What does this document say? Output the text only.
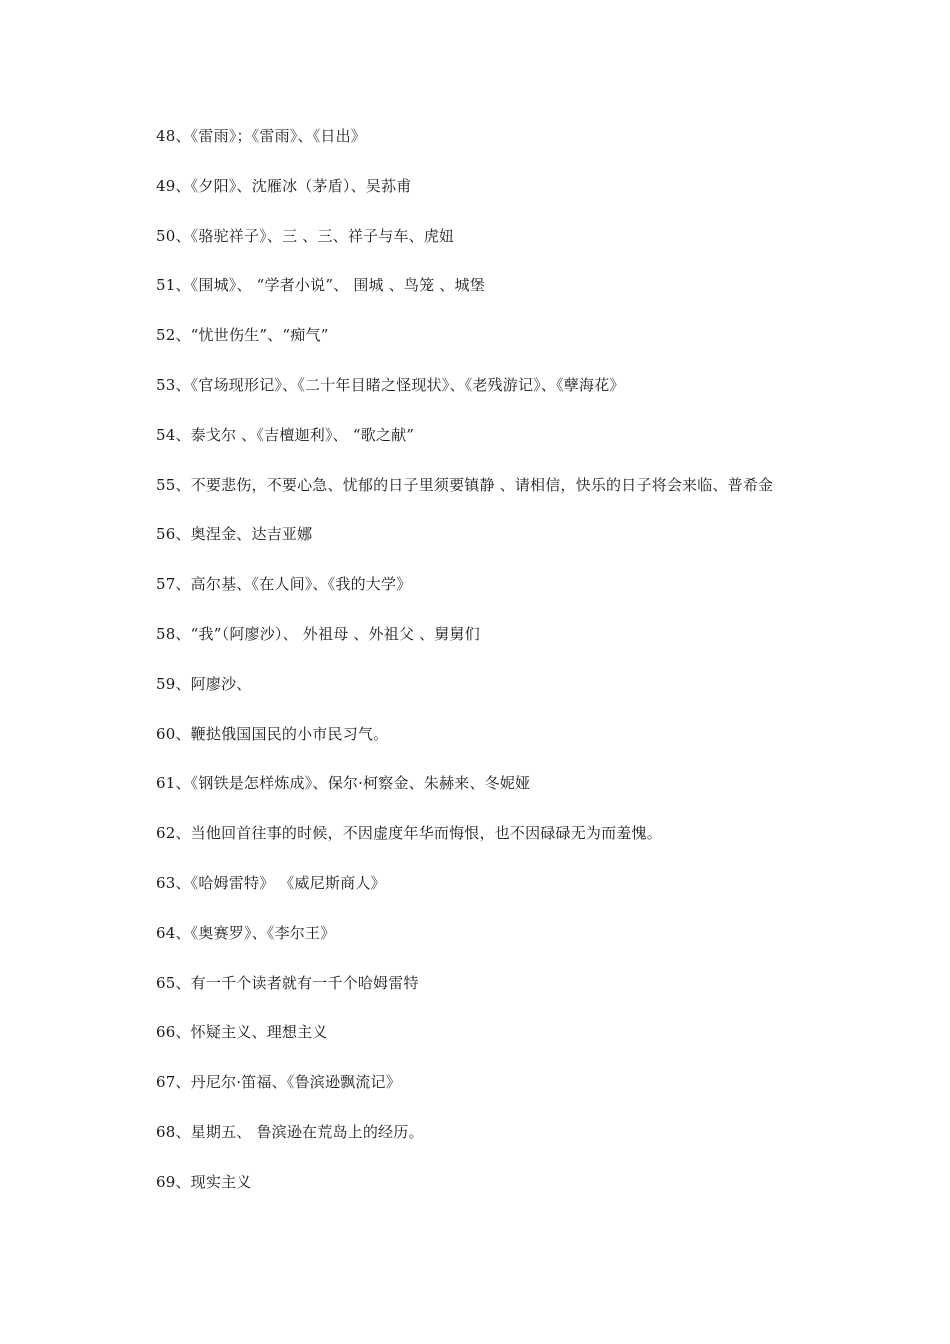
48、《雷雨》；《雷雨》、《日出》
49、《夕阳》、沈雁冰（茅盾）、吴荪甫
50、《骆驼祥子》、三 、三、祥子与车、虎妞
51、《围城》、 “学者小说”、 围城 、鸟笼 、城堡
52、“忧世伤生”、“痴气”
53、《官场现形记》、《二十年目睹之怪现状》、《老残游记》、《孽海花》
54、泰戈尔 、《吉檀迦利》、 “歌之献”
55、不要悲伤，不要心急、忧郁的日子里须要镇静 、请相信，快乐的日子将会来临、普希金
56、奥涅金、达吉亚娜
57、高尔基、《在人间》、《我的大学》
58、“我”（阿廖沙）、 外祖母 、外祖父 、舅舅们
59、阿廖沙、
60、鞭挞俄国国民的小市民习气。
61、《钢铁是怎样炼成》、保尔·柯察金、朱赫来、冬妮娅
62、当他回首往事的时候，不因虚度年华而悔恨，也不因碌碌无为而羞愧。
63、《哈姆雷特》 《威尼斯商人》
64、《奥赛罗》、《李尔王》
65、有一千个读者就有一千个哈姆雷特
66、怀疑主义、理想主义
67、丹尼尔·笛福、《鲁滨逊飘流记》
68、星期五、 鲁滨逊在荒岛上的经历。
69、现实主义
